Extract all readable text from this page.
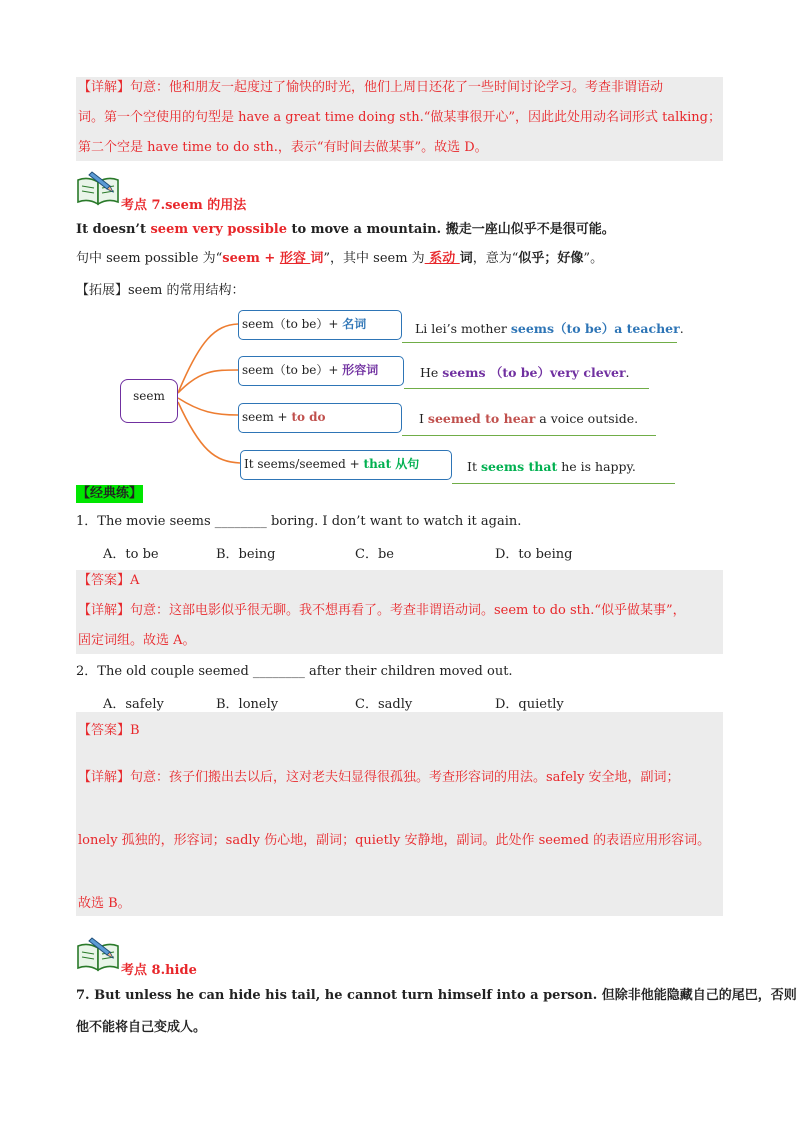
【详解】句意：他和朋友一起度过了愉快的时光，他们上周日还花了一些时间讨论学习。考查非谓语动
词。第一个空使用的句型是 have a great time doing sth.“做某事很开心”，因此此处用动名词形式 talking；
第二个空是 have time to do sth.，表示“有时间去做某事”。故选 D。
考点 7.seem 的用法
It doesn’t seem very possible to move a mountain. 搬走一座山似乎不是很可能。
句中 seem possible 为“seem + 形容 词”，其中 seem 为 系动 词，意为“似乎；好像”。
【拓展】seem 的常用结构：
seem
seem（to be）+ 名词
seem（to be）+ 形容词
seem + to do
It seems/seemed + that 从句
Li lei’s mother seems（to be）a teacher.
He seems （to be）very clever.
I seemed to hear a voice outside.
It seems that he is happy.
【经典练】
1．The movie seems ________ boring. I don’t want to watch it again.
A．to be	B．being	C．be	D．to being
【答案】A
【详解】句意：这部电影似乎很无聊。我不想再看了。考查非谓语动词。seem to do sth.“似乎做某事”，
固定词组。故选 A。
2．The old couple seemed ________ after their children moved out.
A．safely	B．lonely	C．sadly	D．quietly
【答案】B
【详解】句意：孩子们搬出去以后，这对老夫妇显得很孤独。考查形容词的用法。safely 安全地，副词；
lonely 孤独的，形容词；sadly 伤心地，副词；quietly 安静地，副词。此处作 seemed 的表语应用形容词。
故选 B。
考点 8.hide
7. But unless he can hide his tail, he cannot turn himself into a person. 但除非他能隐藏自己的尾巴，否则
他不能将自己变成人。
